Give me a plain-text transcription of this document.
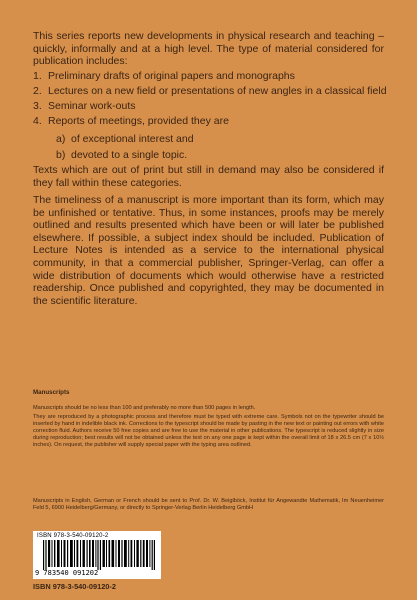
This series reports new developments in physical research and teaching – quickly, informally and at a high level. The type of material considered for publication includes:

1. Preliminary drafts of original papers and monographs
2. Lectures on a new field or presentations of new angles in a classical field
3. Seminar work-outs
4. Reports of meetings, provided they are
a) of exceptional interest and
b) devoted to a single topic.

Texts which are out of print but still in demand may also be considered if they fall within these categories.

The timeliness of a manuscript is more important than its form, which may be unfinished or tentative. Thus, in some instances, proofs may be merely outlined and results presented which have been or will later be published elsewhere. If possible, a subject index should be included. Publication of Lecture Notes is intended as a service to the international physical community, in that a commercial publisher, Springer-Verlag, can offer a wide distribution of documents which would otherwise have a restricted readership. Once published and copyrighted, they may be documented in the scientific literature.

Manuscripts

Manuscripts should be no less than 100 and preferably no more than 500 pages in length.

They are reproduced by a photographic process and therefore must be typed with extreme care. Symbols not on the typewriter should be inserted by hand in indelible black ink. Corrections to the typescript should be made by pasting in the new text or painting out errors with white correction fluid. Authors receive 50 free copies and are free to use the material in other publications. The typescript is reduced slightly in size during reproduction; best results will not be obtained unless the text on any one page is kept within the overall limit of 18 x 26.5 cm (7 x 10½ inches). On request, the publisher will supply special paper with the typing area outlined.

Manuscripts in English, German or French should be sent to Prof. Dr. W. Beiglböck, Institut für Angewandte Mathematik, Im Neuenheimer Feld 5, 6900 Heidelberg/Germany, or directly to Springer-Verlag Berlin Heidelberg GmbH

ISBN 978-3-540-09120-2
9 783540 091202
ISBN 978-3-540-09120-2
